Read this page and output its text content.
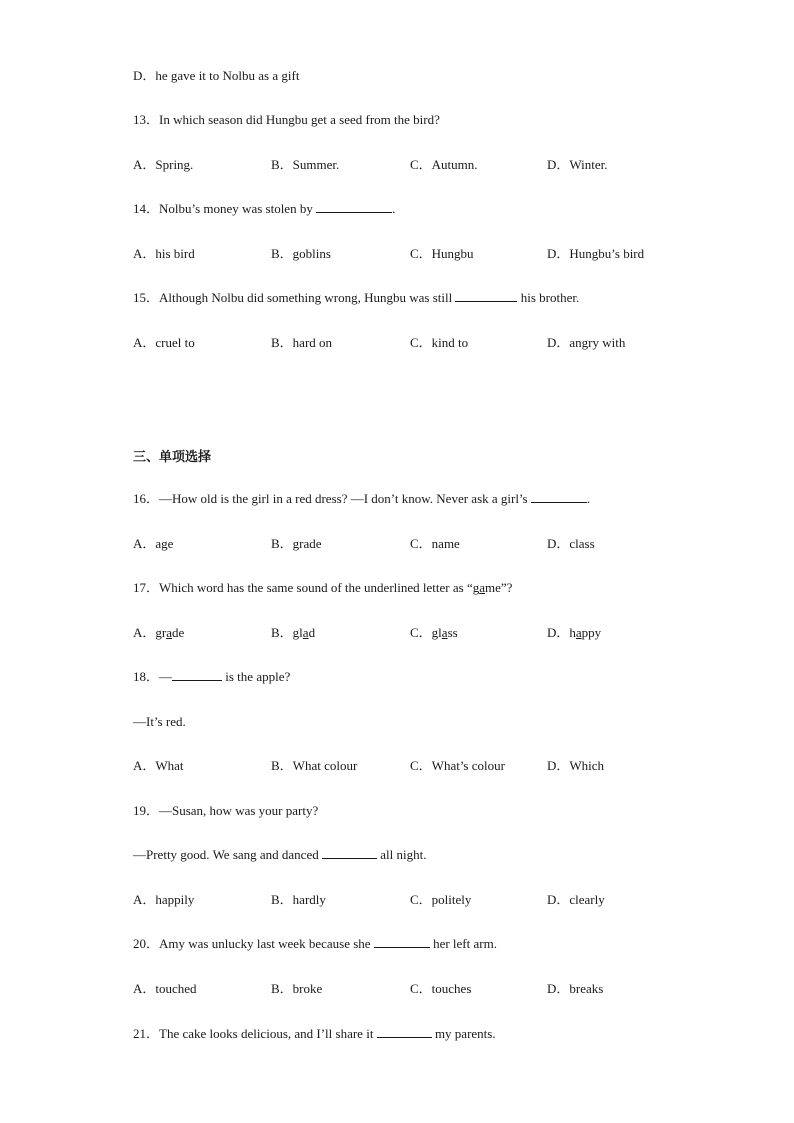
D．he gave it to Nolbu as a gift
13．In which season did Hungbu get a seed from the bird?
A．Spring.	B．Summer.	C．Autumn.	D．Winter.
14．Nolbu’s money was stolen by	.
A．his bird	B．goblins	C．Hungbu	D．Hungbu’s bird
15．Although Nolbu did something wrong, Hungbu was still	his brother.
A．cruel to	B．hard on	C．kind to	D．angry with
三、单项选择
16．—How old is the girl in a red dress? —I don’t know. Never ask a girl’s	.
A．age	B．grade	C．name	D．class
17．Which word has the same sound of the underlined letter as “game”?
A．grade	B．glad	C．glass	D．happy
18．—	is the apple?
—It’s red.
A．What	B．What colour	C．What’s colour	D．Which
19．—Susan, how was your party?
—Pretty good. We sang and danced	all night.
A．happily	B．hardly	C．politely	D．clearly
20．Amy was unlucky last week because she	her left arm.
A．touched	B．broke	C．touches	D．breaks
21．The cake looks delicious, and I’ll share it	my parents.
